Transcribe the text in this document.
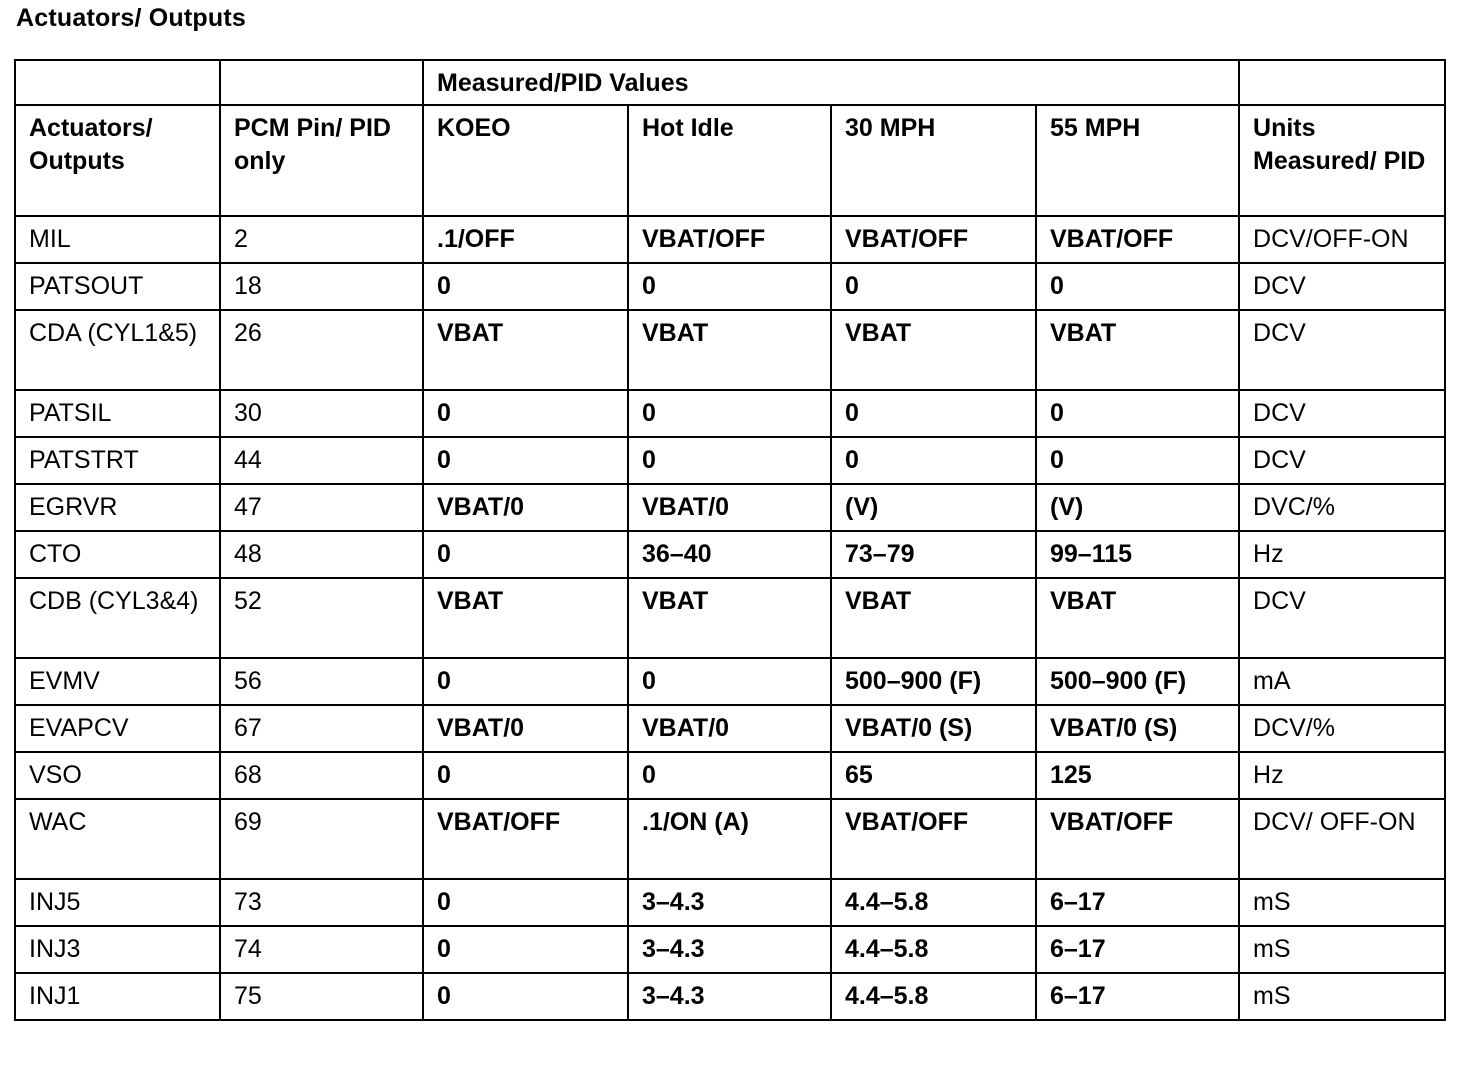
Actuators/ Outputs
		Measured/PID Values				
Actuators/ Outputs	PCM Pin/ PID only	KOEO	Hot Idle	30 MPH	55 MPH	Units Measured/ PID
MIL	2	.1/OFF	VBAT/OFF	VBAT/OFF	VBAT/OFF	DCV/OFF-ON
PATSOUT	18	0	0	0	0	DCV
CDA (CYL1&5)	26	VBAT	VBAT	VBAT	VBAT	DCV
PATSIL	30	0	0	0	0	DCV
PATSTRT	44	0	0	0	0	DCV
EGRVR	47	VBAT/0	VBAT/0	(V)	(V)	DVC/%
CTO	48	0	36–40	73–79	99–115	Hz
CDB (CYL3&4)	52	VBAT	VBAT	VBAT	VBAT	DCV
EVMV	56	0	0	500–900 (F)	500–900 (F)	mA
EVAPCV	67	VBAT/0	VBAT/0	VBAT/0 (S)	VBAT/0 (S)	DCV/%
VSO	68	0	0	65	125	Hz
WAC	69	VBAT/OFF	.1/ON (A)	VBAT/OFF	VBAT/OFF	DCV/ OFF-ON
INJ5	73	0	3–4.3	4.4–5.8	6–17	mS
INJ3	74	0	3–4.3	4.4–5.8	6–17	mS
INJ1	75	0	3–4.3	4.4–5.8	6–17	mS
